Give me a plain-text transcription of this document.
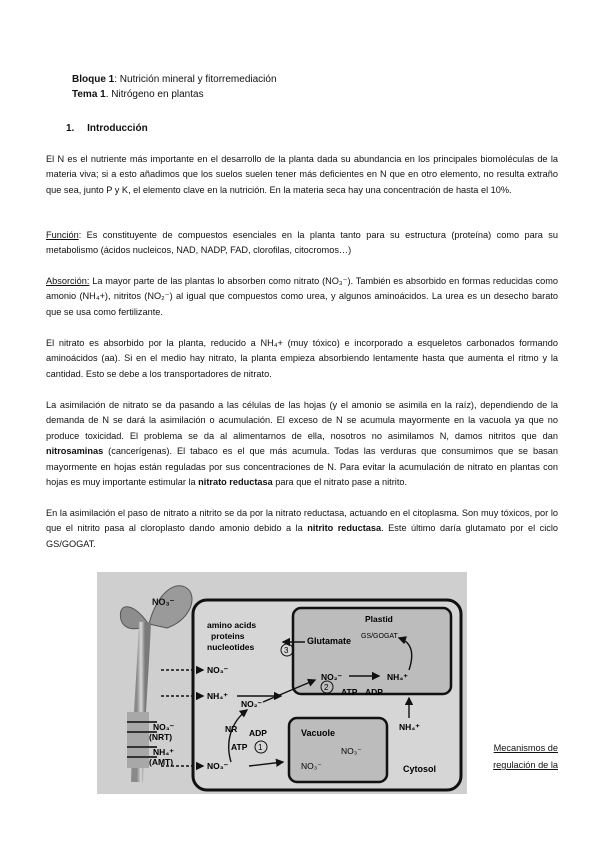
Bloque 1: Nutrición mineral y fitorremediación
Tema 1. Nitrógeno en plantas
1. Introducción

El N es el nutriente más importante en el desarrollo de la planta dada su abundancia en los principales biomoléculas de la materia viva; si a esto añadimos que los suelos suelen tener más deficientes en N que en otro elemento, no resulta extraño que sea, junto P y K, el elemento clave en la nutrición. En la materia seca hay una concentración de hasta el 10%.

Función: Es constituyente de compuestos esenciales en la planta tanto para su estructura (proteína) como para su metabolismo (ácidos nucleicos, NAD, NADP, FAD, clorofilas, citocromos…)

Absorción: La mayor parte de las plantas lo absorben como nitrato (NO₃⁻). También es absorbido en formas reducidas como amonio (NH₄+), nitritos (NO₂⁻) al igual que compuestos como urea, y algunos aminoácidos. La urea es un desecho barato que se usa como fertilizante.

El nitrato es absorbido por la planta, reducido a NH₄+ (muy tóxico) e incorporado a esqueletos carbonados formando aminoácidos (aa). Si en el medio hay nitrato, la planta empieza absorbiendo lentamente hasta que aumenta el ritmo y la cantidad. Esto se debe a los transportadores de nitrato.

La asimilación de nitrato se da pasando a las células de las hojas (y el amonio se asimila en la raíz), dependiendo de la demanda de N se dará la asimilación o acumulación. El exceso de N se acumula mayormente en la vacuola ya que no produce toxicidad. El problema se da al alimentarnos de ella, nosotros no asimilamos N, damos nitritos que dan nitrosaminas (cancerígenas). El tabaco es el que más acumula. Todas las verduras que consumimos que se basan mayormente en hojas están reguladas por sus concentraciones de N. Para evitar la acumulación de nitrato en plantas con hojas es muy importante estimular la nitrato reductasa para que el nitrato pase a nitrito.

En la asimilación el paso de nitrato a nitrito se da por la nitrato reductasa, actuando en el citoplasma. Son muy tóxicos, por lo que el nitrito pasa al cloroplasto dando amonio debido a la nitrito reductasa. Este último daría glutamato por el ciclo GS/GOGAT.

NO₃⁻
NO₃⁻
(NRT)
NH₄⁺
(AMT)
Plastid
GS/GOGAT
Glutamate
NO₂⁻	NH₄⁺
ATP ADP
2
amino acids
proteins
nucleotides	3
NO₃⁻
NH₄⁺
NO₂⁻
NR ADP
ATP 1
Vacuole
NO₃⁻
NO₃⁻
NH₄⁺
Cytosol
NO₃⁻
Mecanismos de
regulación de la
